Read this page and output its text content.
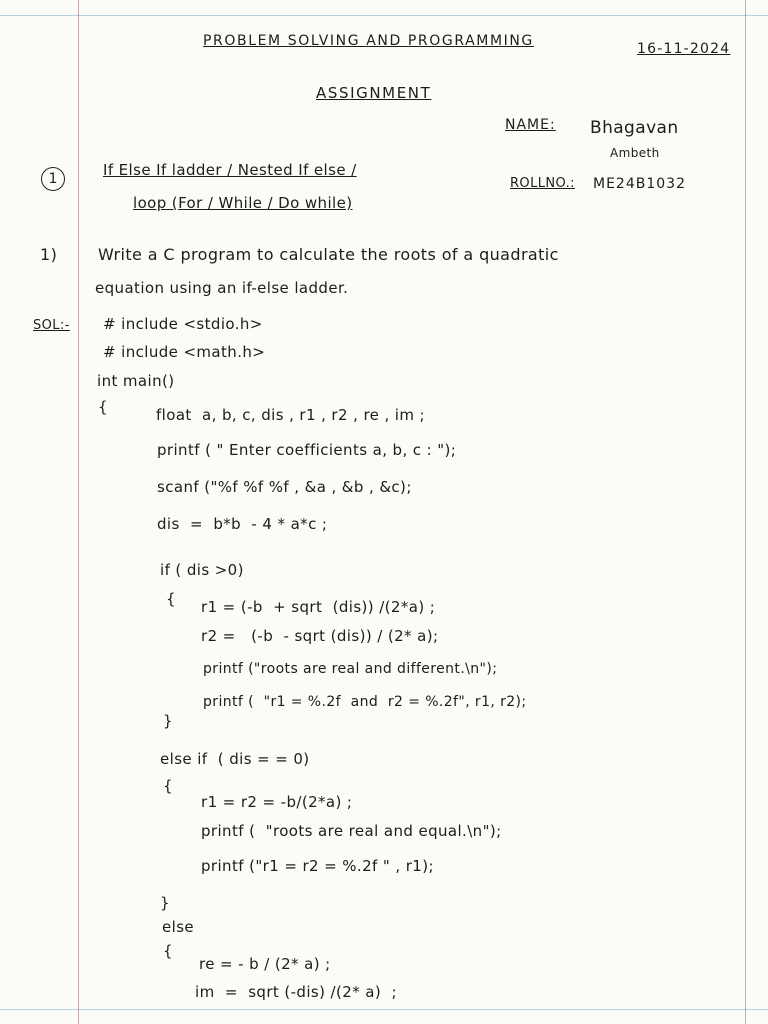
PROBLEM SOLVING AND PROGRAMMING	16-11-2024
ASSIGNMENT
NAME: Bhagavan
Ambeth
ROLLNO.: ME24B1032
1	If Else If ladder / Nested If else /
loop (For / While / Do while)
1)	Write a C program to calculate the roots of a quadratic
equation using an if-else ladder.
SOL:- # include <stdio.h>
# include <math.h>
int main()
{	float  a, b, c, dis , r1 , r2 , re , im ;
printf ( " Enter coefficients a, b, c : ");
scanf ("%f %f %f , &a , &b , &c);
dis  =  b*b  - 4 * a*c ;
if ( dis >0)
{ r1 = (-b  + sqrt  (dis)) /(2*a) ;
r2 =   (-b  - sqrt (dis)) / (2* a);
printf ("roots are real and different.\n");
printf (  "r1 = %.2f  and  r2 = %.2f", r1, r2);
}
else if  ( dis = = 0)
{
r1 = r2 = -b/(2*a) ;
printf (  "roots are real and equal.\n");
printf ("r1 = r2 = %.2f " , r1);
}
else
{
re = - b / (2* a) ;
im  =  sqrt (-dis) /(2* a)  ;
